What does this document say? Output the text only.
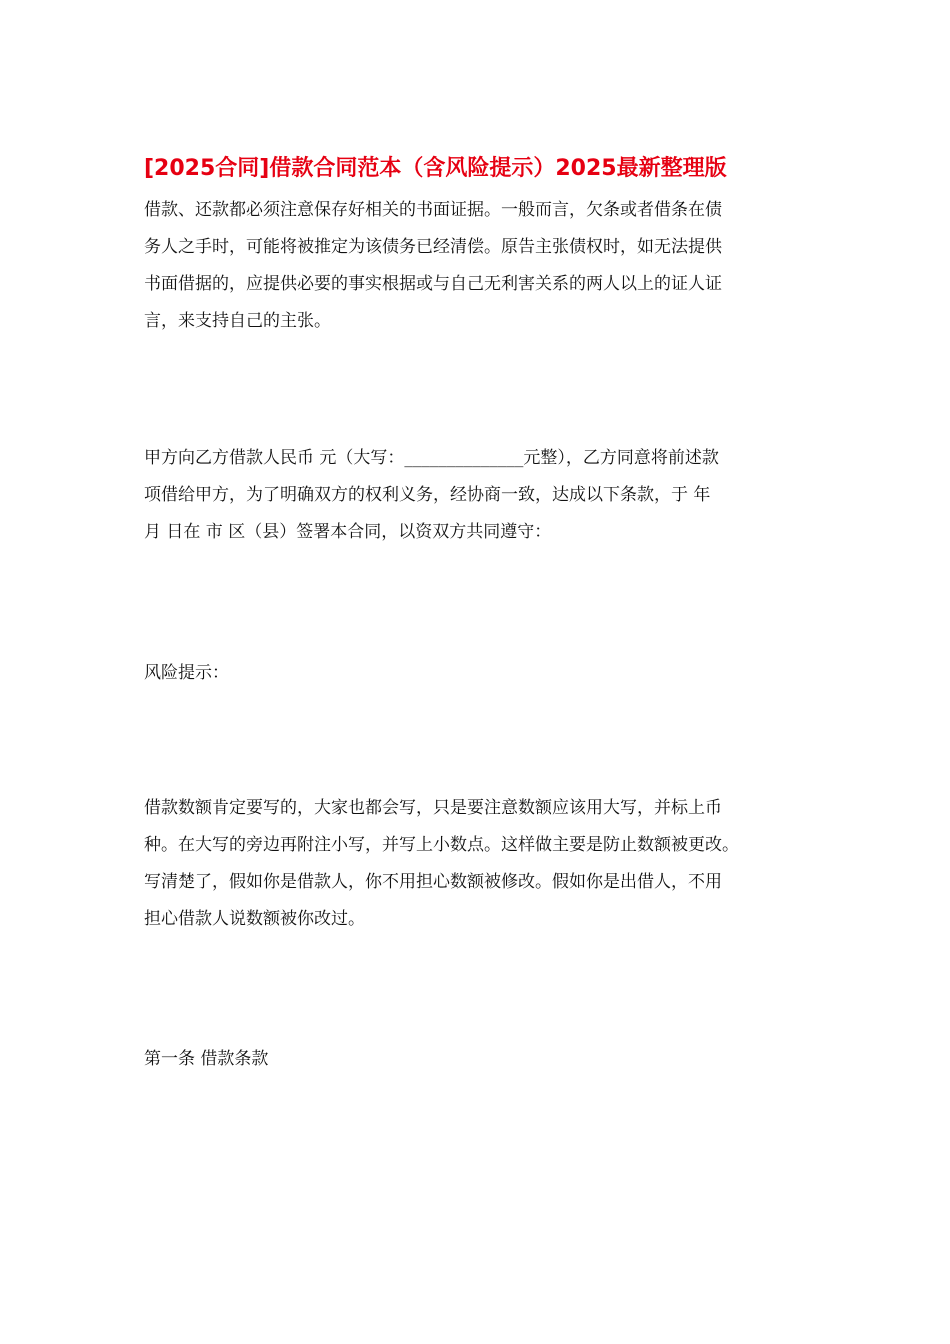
[2025合同]借款合同范本（含风险提示）2025最新整理版

借款、还款都必须注意保存好相关的书面证据。一般而言，欠条或者借条在债
务人之手时，可能将被推定为该债务已经清偿。原告主张债权时，如无法提供
书面借据的，应提供必要的事实根据或与自己无利害关系的两人以上的证人证
言，来支持自己的主张。

甲方向乙方借款人民币 元（大写：______________元整），乙方同意将前述款
项借给甲方，为了明确双方的权利义务，经协商一致，达成以下条款，于 年
月 日在 市 区（县）签署本合同，以资双方共同遵守：

风险提示：

借款数额肯定要写的，大家也都会写，只是要注意数额应该用大写，并标上币
种。在大写的旁边再附注小写，并写上小数点。这样做主要是防止数额被更改。
写清楚了，假如你是借款人，你不用担心数额被修改。假如你是出借人，不用
担心借款人说数额被你改过。

第一条 借款条款
